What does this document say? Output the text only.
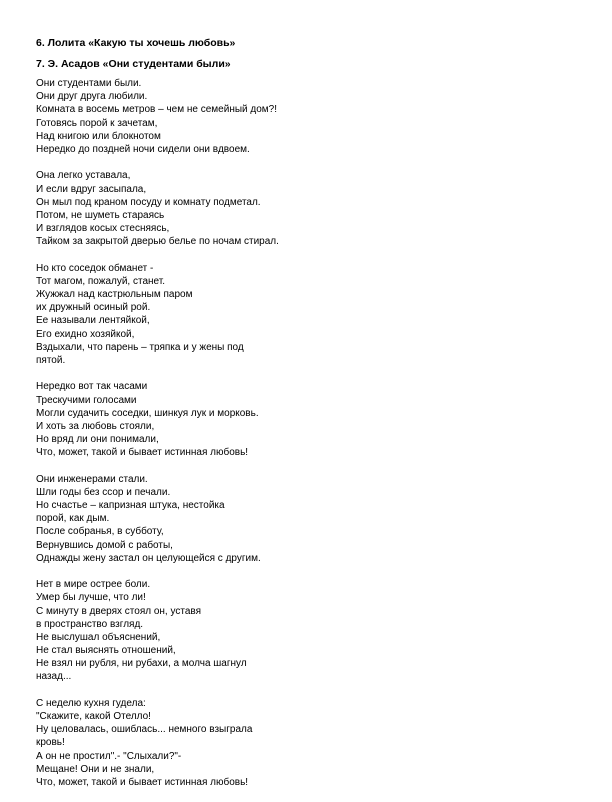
6. Лолита «Какую ты хочешь любовь»
7. Э. Асадов «Они студентами были»
Они студентами были.
Они друг друга любили.
Комната в восемь метров – чем не семейный дом?!
Готовясь порой к зачетам,
Над книгою или блокнотом
Нередко до поздней ночи сидели они вдвоем.
Она легко уставала,
И если вдруг засыпала,
Он мыл под краном посуду и комнату подметал.
Потом, не шуметь стараясь
И взглядов косых стесняясь,
Тайком за закрытой дверью белье по ночам стирал.
Но кто соседок обманет -
Тот магом, пожалуй, станет.
Жужжал над кастрюльным паром
их дружный осиный рой.
Ее называли лентяйкой,
Его ехидно хозяйкой,
Вздыхали, что парень – тряпка и у жены под
пятой.
Нередко вот так часами
Трескучими голосами
Могли судачить соседки, шинкуя лук и морковь.
И хоть за любовь стояли,
Но вряд ли они понимали,
Что, может, такой и бывает истинная любовь!
Они инженерами стали.
Шли годы без ссор и печали.
Но счастье – капризная штука, нестойка
порой, как дым.
После собранья, в субботу,
Вернувшись домой с работы,
Однажды жену застал он целующейся с другим.
Нет в мире острее боли.
Умер бы лучше, что ли!
С минуту в дверях стоял он, уставя
в пространство взгляд.
Не выслушал объяснений,
Не стал выяснять отношений,
Не взял ни рубля, ни рубахи, а молча шагнул
назад...
С неделю кухня гудела:
"Скажите, какой Отелло!
Ну целовалась, ошиблась... немного взыграла
кровь!
А он не простил".- "Слыхали?"-
Мещане! Они и не знали,
Что, может, такой и бывает истинная любовь!
